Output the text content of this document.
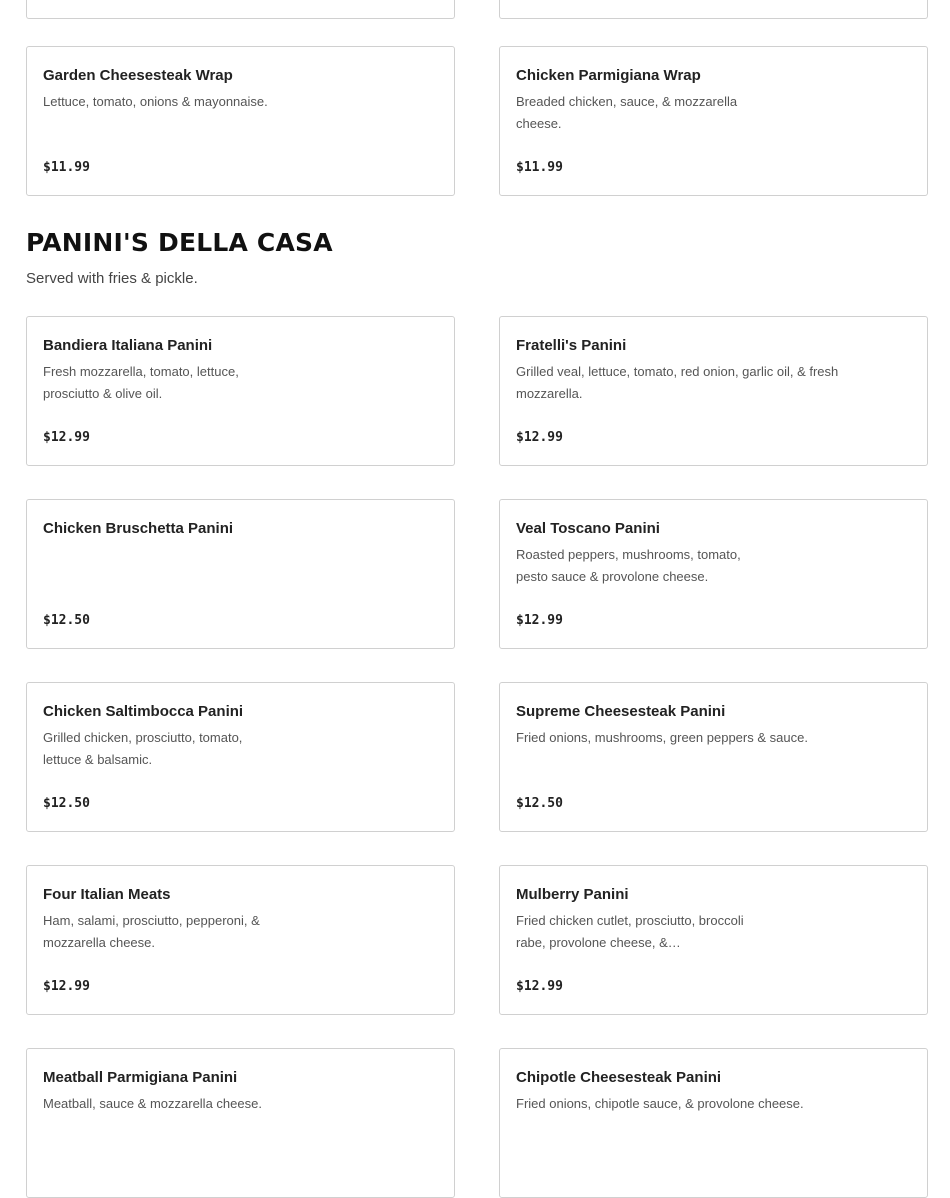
Garden Cheesesteak Wrap
Lettuce, tomato, onions & mayonnaise.
$11.99
Chicken Parmigiana Wrap
Breaded chicken, sauce, & mozzarella cheese.
$11.99
PANINI'S DELLA CASA
Served with fries & pickle.
Bandiera Italiana Panini
Fresh mozzarella, tomato, lettuce, prosciutto & olive oil.
$12.99
Fratelli's Panini
Grilled veal, lettuce, tomato, red onion, garlic oil, & fresh mozzarella.
$12.99
Chicken Bruschetta Panini
$12.50
Veal Toscano Panini
Roasted peppers, mushrooms, tomato, pesto sauce & provolone cheese.
$12.99
Chicken Saltimbocca Panini
Grilled chicken, prosciutto, tomato, lettuce & balsamic.
$12.50
Supreme Cheesesteak Panini
Fried onions, mushrooms, green peppers & sauce.
$12.50
Four Italian Meats
Ham, salami, prosciutto, pepperoni, & mozzarella cheese.
$12.99
Mulberry Panini
Fried chicken cutlet, prosciutto, broccoli rabe, provolone cheese, &…
$12.99
Meatball Parmigiana Panini
Meatball, sauce & mozzarella cheese.
Chipotle Cheesesteak Panini
Fried onions, chipotle sauce, & provolone cheese.
